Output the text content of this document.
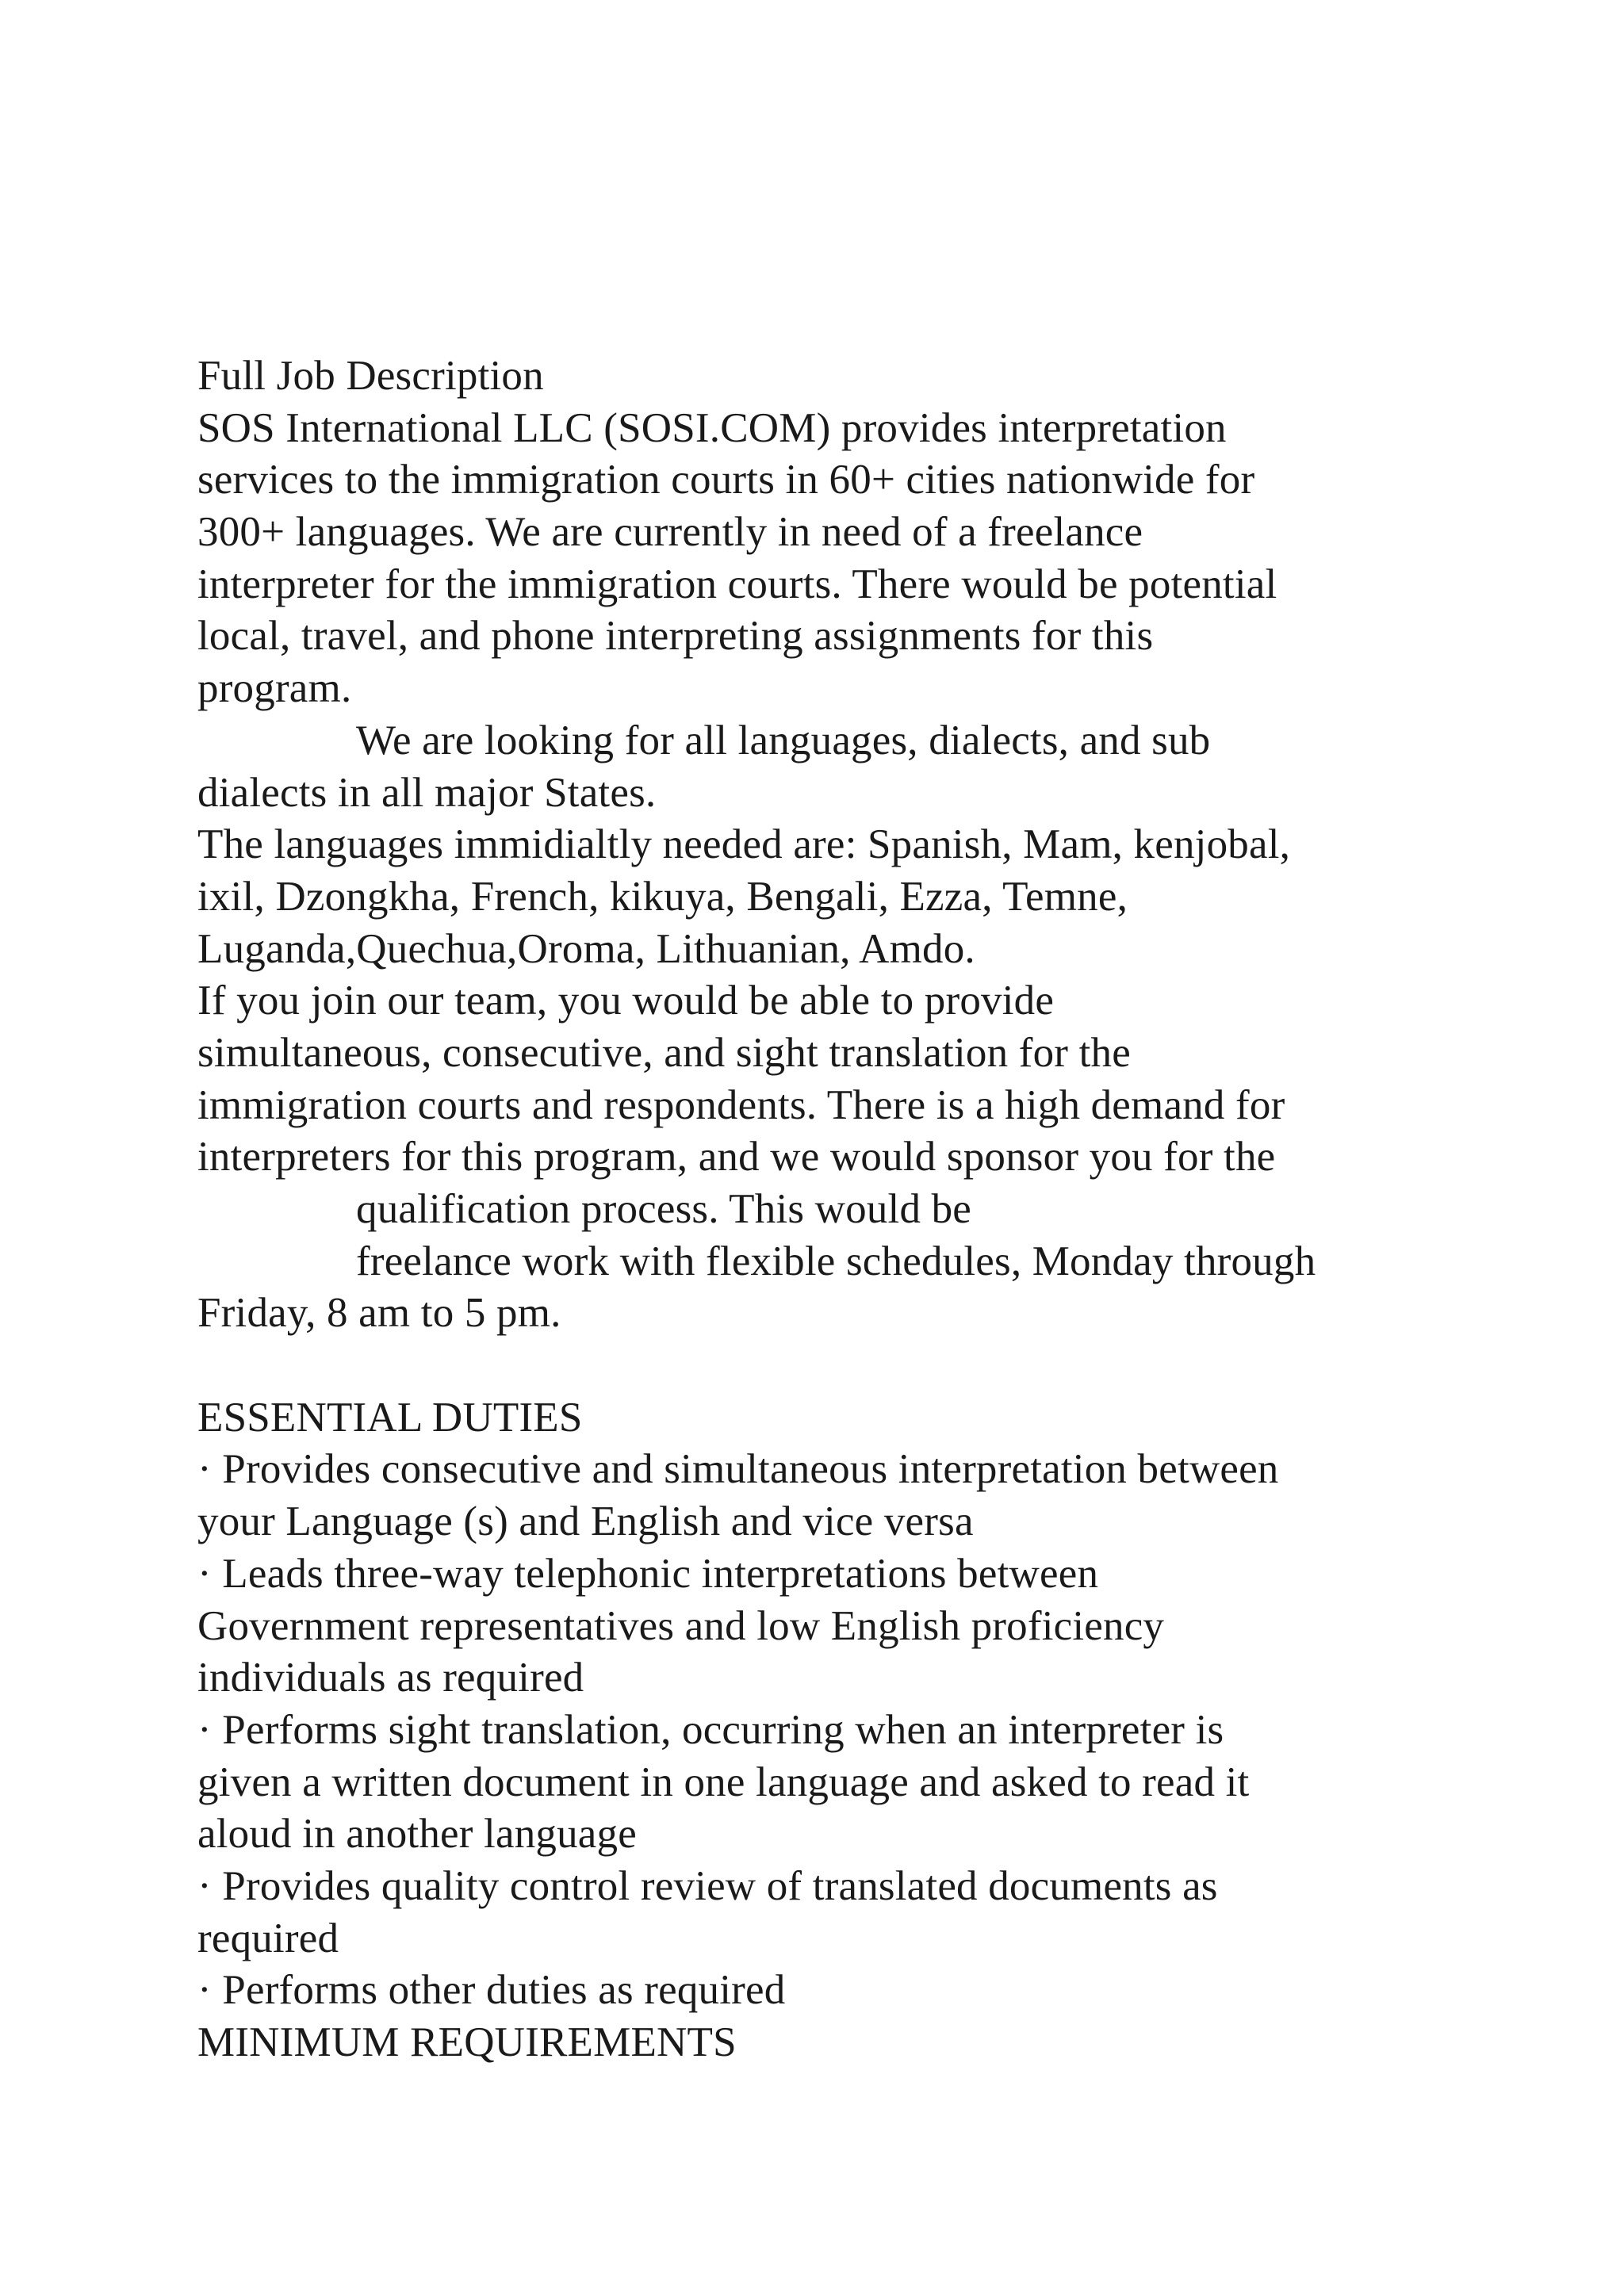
Full Job Description
SOS International LLC (SOSI.COM) provides interpretation
services to the immigration courts in 60+ cities nationwide for
300+ languages. We are currently in need of a freelance
interpreter for the immigration courts. There would be potential
local, travel, and phone interpreting assignments for this
program.
We are looking for all languages, dialects, and sub
dialects in all major States.
The languages immidialtly needed are: Spanish, Mam, kenjobal,
ixil, Dzongkha, French, kikuya, Bengali, Ezza, Temne,
Luganda,Quechua,Oroma, Lithuanian, Amdo.
If you join our team, you would be able to provide
simultaneous, consecutive, and sight translation for the
immigration courts and respondents. There is a high demand for
interpreters for this program, and we would sponsor you for the
qualification process. This would be
freelance work with flexible schedules, Monday through
Friday, 8 am to 5 pm.
ESSENTIAL DUTIES
· Provides consecutive and simultaneous interpretation between
your Language (s) and English and vice versa
· Leads three-way telephonic interpretations between
Government representatives and low English proficiency
individuals as required
· Performs sight translation, occurring when an interpreter is
given a written document in one language and asked to read it
aloud in another language
· Provides quality control review of translated documents as
required
· Performs other duties as required
MINIMUM REQUIREMENTS
